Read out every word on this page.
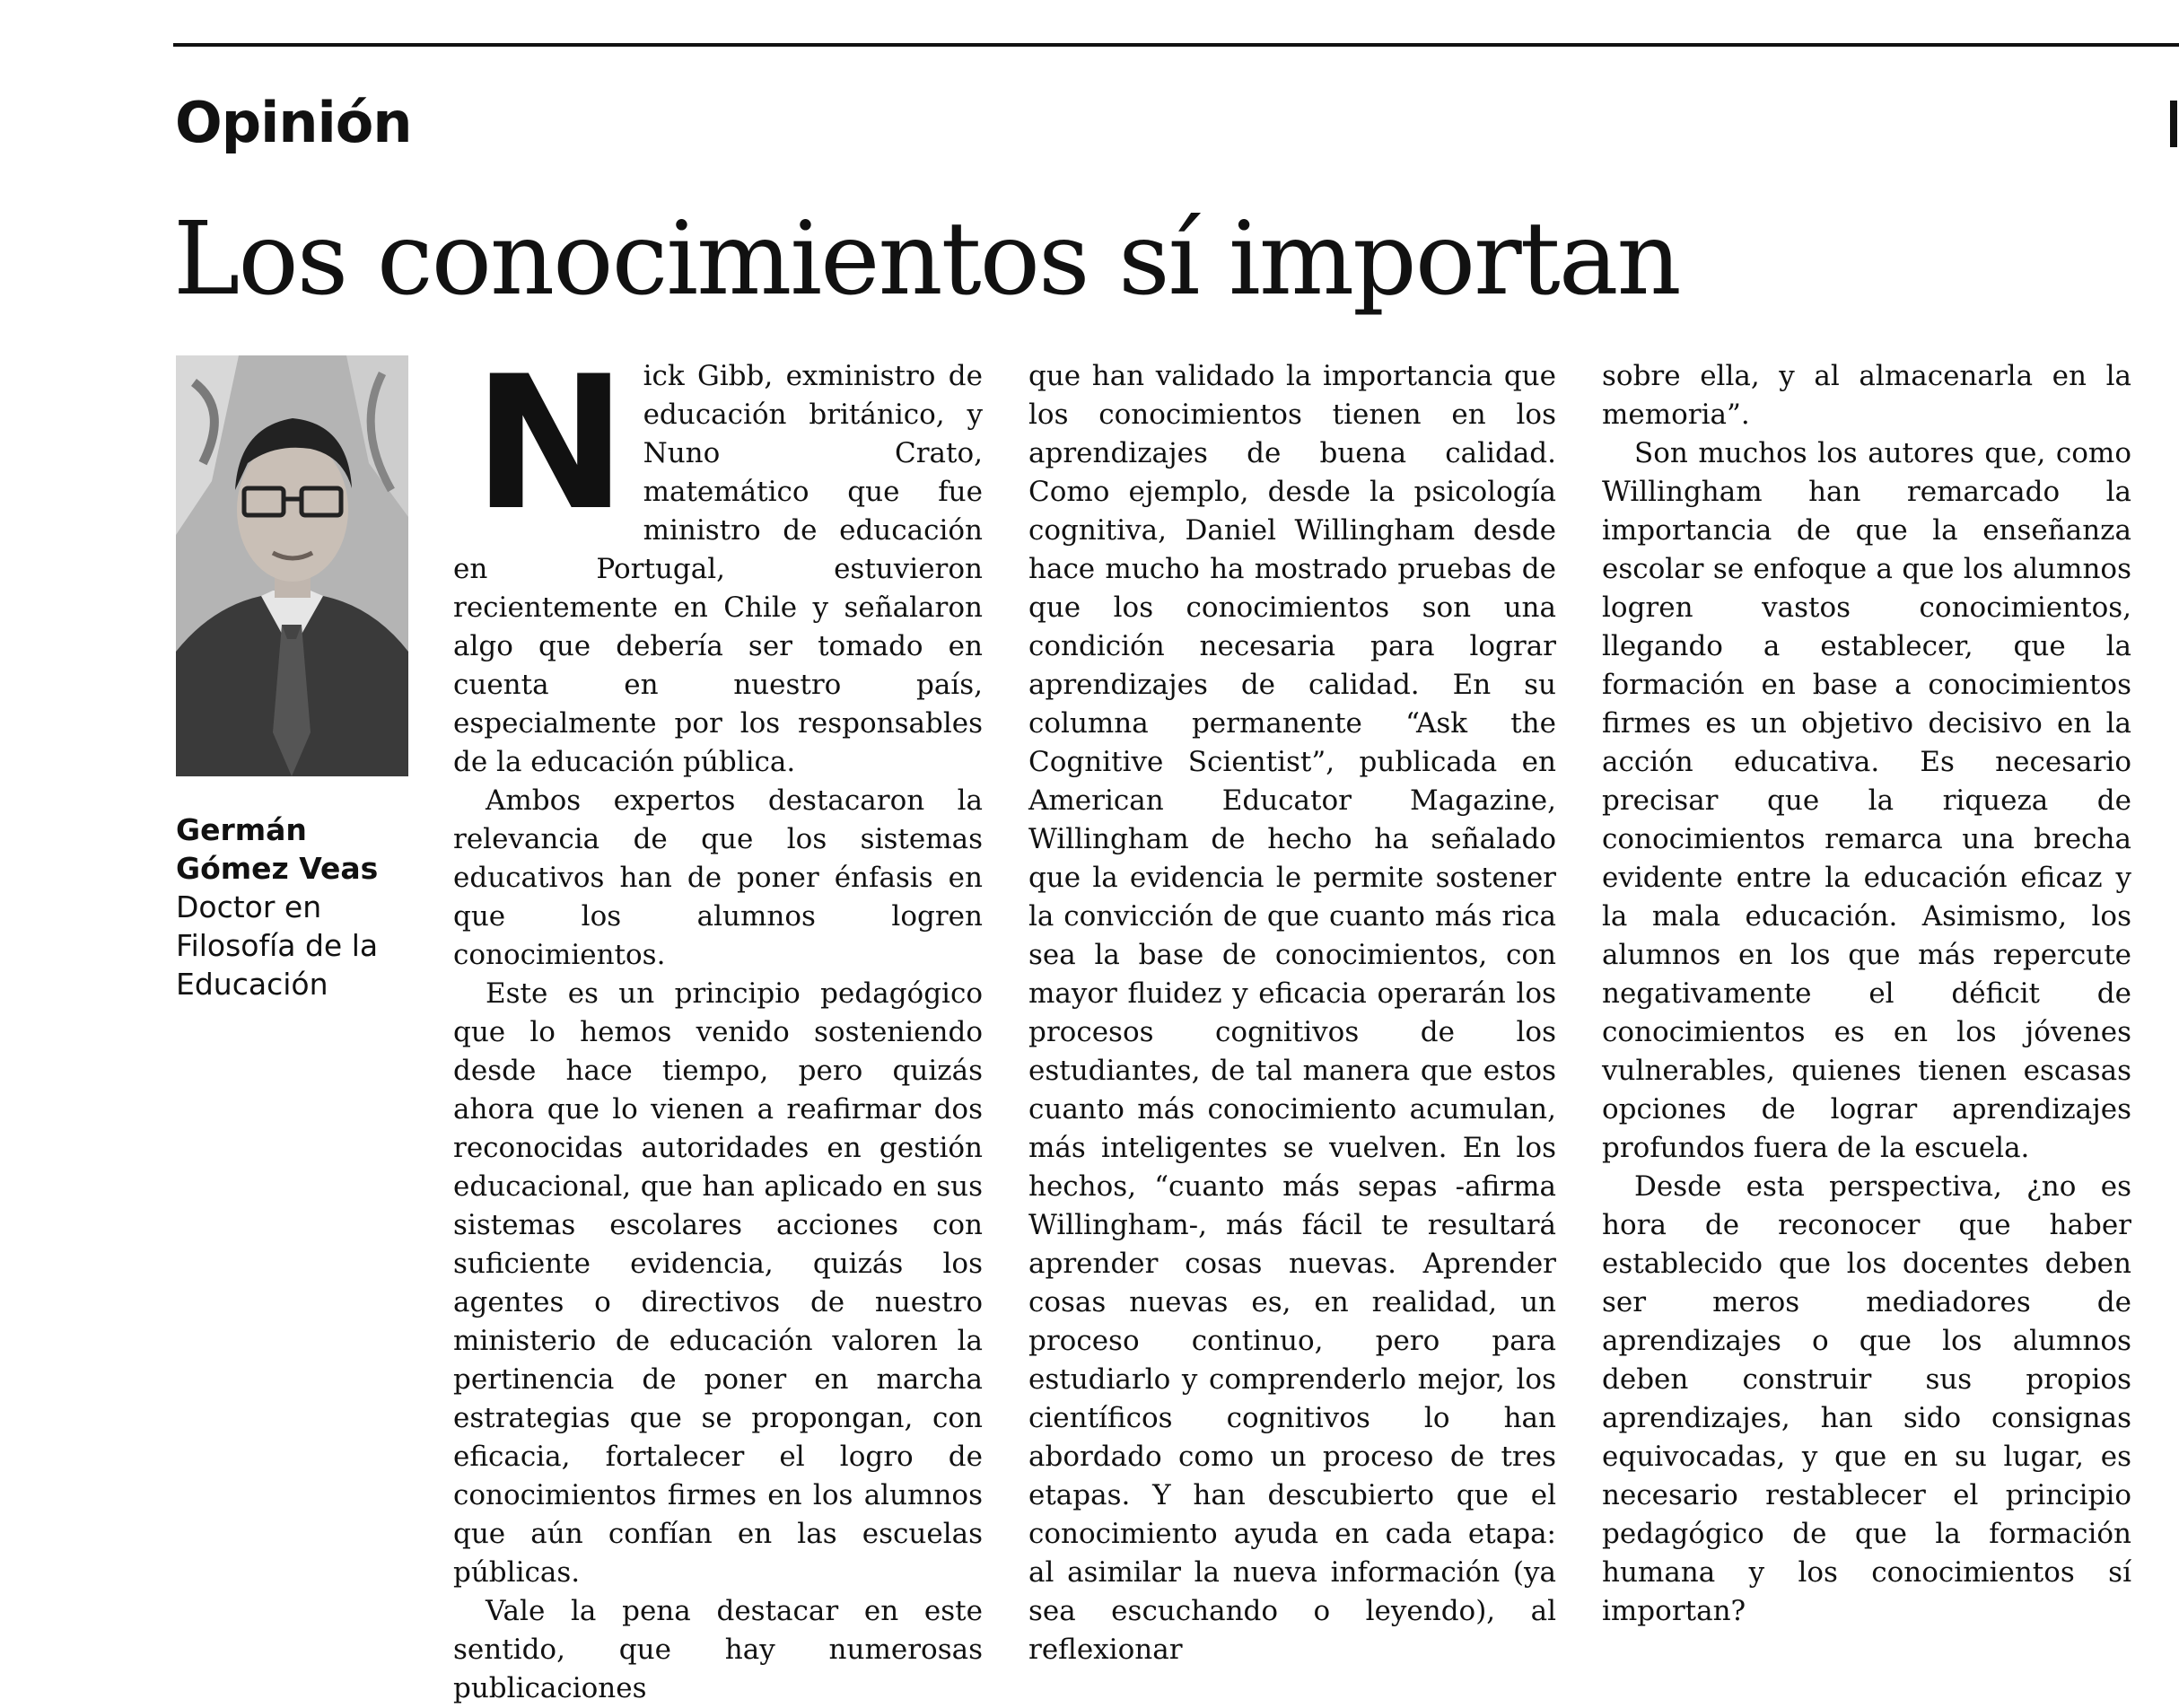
Opinión
Los conocimientos sí importan
Germán Gómez Veas
Doctor en Filosofía de la Educación

Nick Gibb, exministro de educación británico, y Nuno Crato, matemático que fue ministro de educación en Portugal, estuvieron recientemente en Chile y señalaron algo que debería ser tomado en cuenta en nuestro país, especialmente por los responsables de la educación pública.

Ambos expertos destacaron la relevancia de que los sistemas educativos han de poner énfasis en que los alumnos logren conocimientos.

Este es un principio pedagógico que lo hemos venido sosteniendo desde hace tiempo, pero quizás ahora que lo vienen a reafirmar dos reconocidas autoridades en gestión educacional, que han aplicado en sus sistemas escolares acciones con suficiente evidencia, quizás los agentes o directivos de nuestro ministerio de educación valoren la pertinencia de poner en marcha estrategias que se propongan, con eficacia, fortalecer el logro de conocimientos firmes en los alumnos que aún confían en las escuelas públicas.

Vale la pena destacar en este sentido, que hay numerosas publicaciones

que han validado la importancia que los conocimientos tienen en los aprendizajes de buena calidad. Como ejemplo, desde la psicología cognitiva, Daniel Willingham desde hace mucho ha mostrado pruebas de que los conocimientos son una condición necesaria para lograr aprendizajes de calidad. En su columna permanente “Ask the Cognitive Scientist”, publicada en American Educator Magazine, Willingham de hecho ha señalado que la evidencia le permite sostener la convicción de que cuanto más rica sea la base de conocimientos, con mayor fluidez y eficacia operarán los procesos cognitivos de los estudiantes, de tal manera que estos cuanto más conocimiento acumulan, más inteligentes se vuelven. En los hechos, “cuanto más sepas -afirma Willingham-, más fácil te resultará aprender cosas nuevas. Aprender cosas nuevas es, en realidad, un proceso continuo, pero para estudiarlo y comprenderlo mejor, los científicos cognitivos lo han abordado como un proceso de tres etapas. Y han descubierto que el conocimiento ayuda en cada etapa: al asimilar la nueva información (ya sea escuchando o leyendo), al reflexionar

sobre ella, y al almacenarla en la memoria”.

Son muchos los autores que, como Willingham han remarcado la importancia de que la enseñanza escolar se enfoque a que los alumnos logren vastos conocimientos, llegando a establecer, que la formación en base a conocimientos firmes es un objetivo decisivo en la acción educativa. Es necesario precisar que la riqueza de conocimientos remarca una brecha evidente entre la educación eficaz y la mala educación. Asimismo, los alumnos en los que más repercute negativamente el déficit de conocimientos es en los jóvenes vulnerables, quienes tienen escasas opciones de lograr aprendizajes profundos fuera de la escuela.

Desde esta perspectiva, ¿no es hora de reconocer que haber establecido que los docentes deben ser meros mediadores de aprendizajes o que los alumnos deben construir sus propios aprendizajes, han sido consignas equivocadas, y que en su lugar, es necesario restablecer el principio pedagógico de que la formación humana y los conocimientos sí importan?
